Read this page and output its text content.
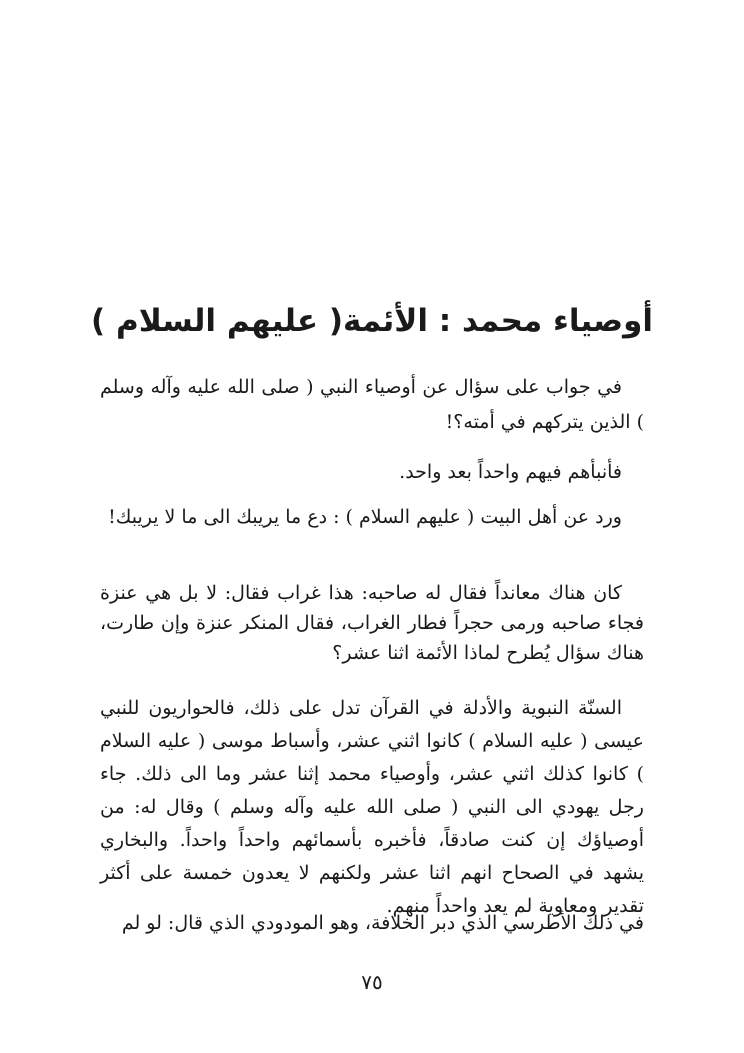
أوصياء محمد : الأئمة( عليهم السلام )

في جواب على سؤال عن أوصياء النبي ( صلى الله عليه وآله وسلم ) الذين يتركهم في أمته؟!

فأنبأهم فيهم واحداً بعد واحد.

ورد عن أهل البيت ( عليهم السلام ) : دع ما يريبك الى ما لا يريبك!

كان هناك معانداً فقال له صاحبه: هذا غراب فقال: لا بل هي عنزة فجاء صاحبه ورمى حجراً فطار الغراب، فقال المنكر عنزة وإن طارت، هناك سؤال يُطرح لماذا الأئمة اثنا عشر؟

السنّة النبوية والأدلة في القرآن تدل على ذلك، فالحواريون للنبي عيسى ( عليه السلام ) كانوا اثني عشر، وأسباط موسى ( عليه السلام ) كانوا كذلك اثني عشر، وأوصياء محمد إثنا عشر وما الى ذلك. جاء رجل يهودي الى النبي ( صلى الله عليه وآله وسلم ) وقال له: من أوصياؤك إن كنت صادقاً، فأخبره بأسمائهم واحداً واحداً. والبخاري يشهد في الصحاح انهم اثنا عشر ولكنهم لا يعدون خمسة على أكثر تقدير ومعاوية لم يعد واحداً منهم.

في ذلك الأطرسي الذي دبر الخلافة، وهو المودودي الذي قال: لو لم

٧٥
